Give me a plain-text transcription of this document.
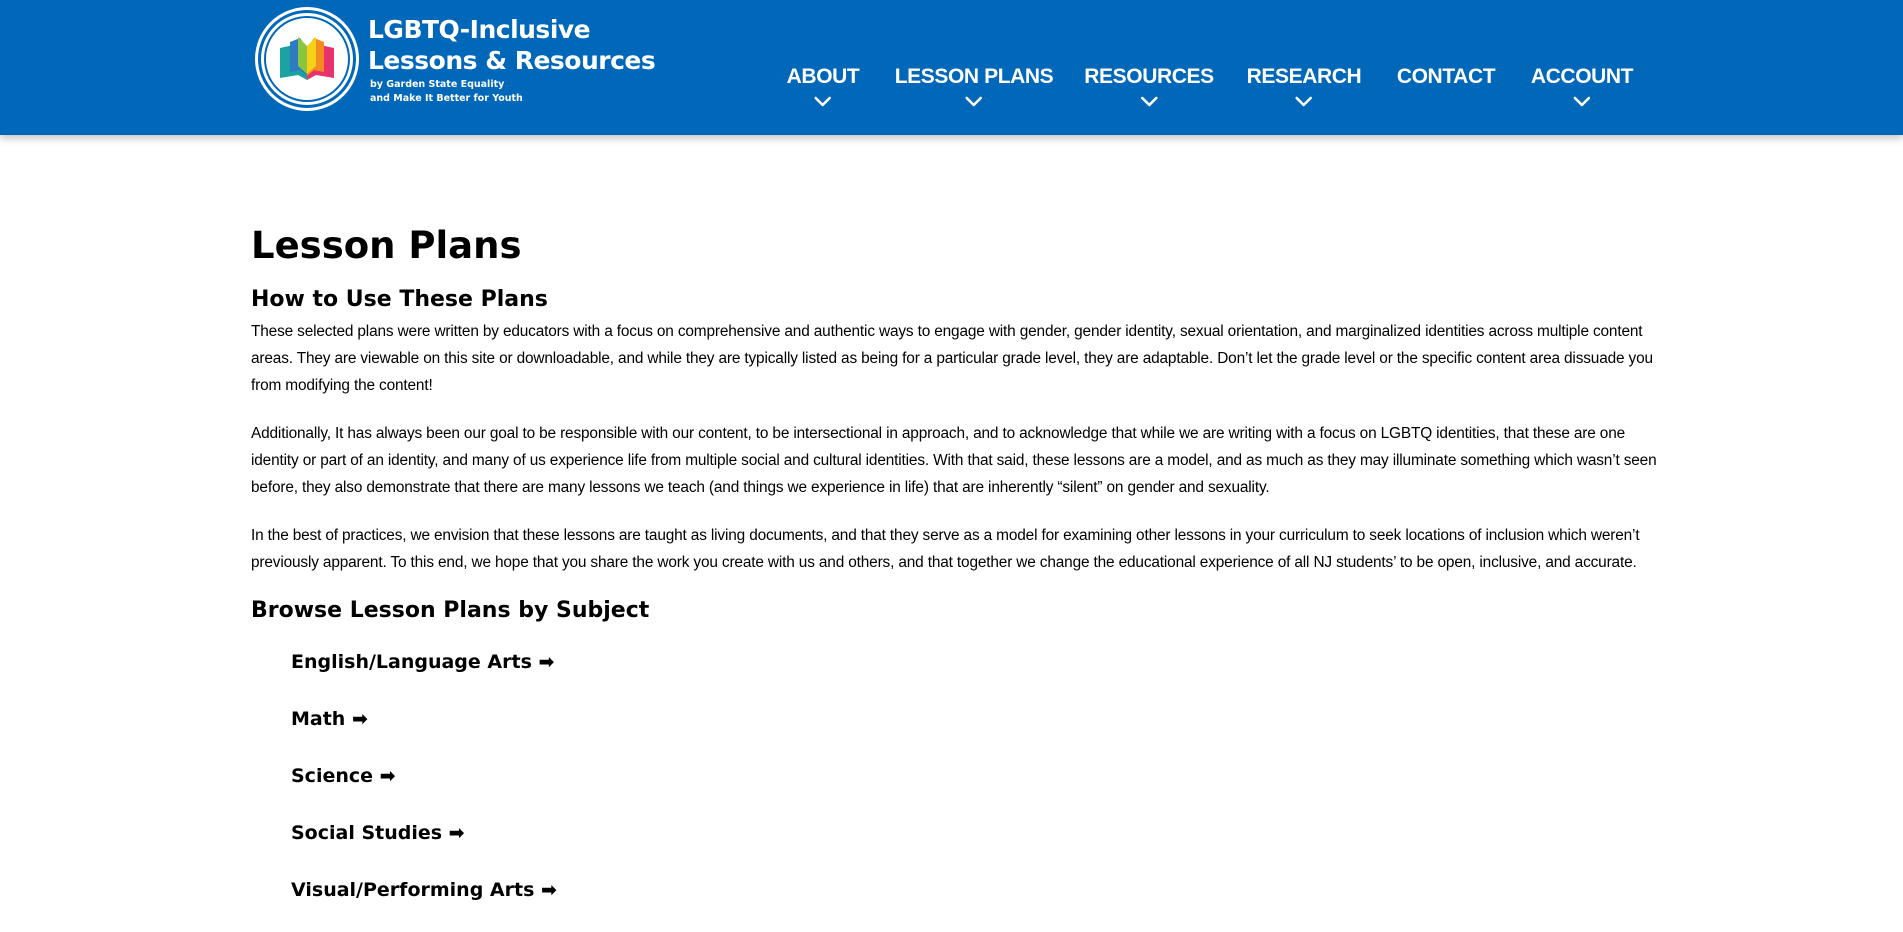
LGBTQ-Inclusive
Lessons & Resources
by Garden State Equality
and Make It Better for Youth
ABOUT LESSON PLANS RESOURCES RESEARCH CONTACT ACCOUNT
Lesson Plans
How to Use These Plans

These selected plans were written by educators with a focus on comprehensive and authentic ways to engage with gender, gender identity, sexual orientation, and marginalized identities across multiple content areas. They are viewable on this site or downloadable, and while they are typically listed as being for a particular grade level, they are adaptable. Don’t let the grade level or the specific content area dissuade you from modifying the content!

Additionally, It has always been our goal to be responsible with our content, to be intersectional in approach, and to acknowledge that while we are writing with a focus on LGBTQ identities, that these are one identity or part of an identity, and many of us experience life from multiple social and cultural identities. With that said, these lessons are a model, and as much as they may illuminate something which wasn’t seen before, they also demonstrate that there are many lessons we teach (and things we experience in life) that are inherently “silent” on gender and sexuality.

In the best of practices, we envision that these lessons are taught as living documents, and that they serve as a model for examining other lessons in your curriculum to seek locations of inclusion which weren’t previously apparent. To this end, we hope that you share the work you create with us and others, and that together we change the educational experience of all NJ students’ to be open, inclusive, and accurate.

Browse Lesson Plans by Subject
English/Language Arts ➡
Math ➡
Science ➡
Social Studies ➡
Visual/Performing Arts ➡
